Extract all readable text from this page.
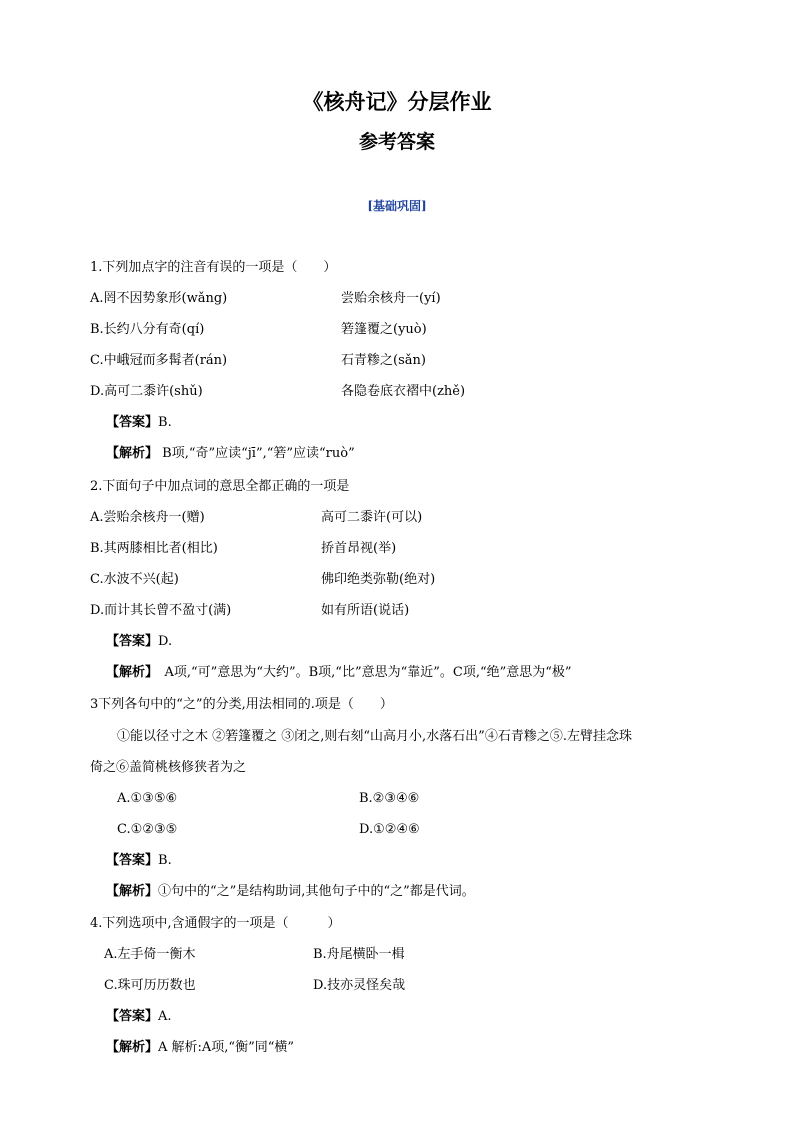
《核舟记》分层作业
参考答案
[基础巩固]
1.下列加点字的注音有误的一项是（　　）
A.罔不因势象形(wǎng)	尝贻余核舟一(yí)
B.长约八分有奇(qí)	箬篷覆之(yuò)
C.中峨冠而多髯者(rán)	石青糁之(sǎn)
D.高可二黍许(shǔ)	各隐卷底衣褶中(zhě)
【答案】B.
【解析】 B项,“奇”应读“jī”,“箬”应读“ruò”
2.下面句子中加点词的意思全都正确的一项是
A.尝贻余核舟一(赠)	高可二黍许(可以)
B.其两膝相比者(相比)	挢首昂视(举)
C.水波不兴(起)	佛印绝类弥勒(绝对)
D.而计其长曾不盈寸(满)	如有所语(说话)
【答案】D.
【解析】　A项,“可”意思为“大约”。B项,“比”意思为“靠近”。C项,“绝”意思为“极”
3下列各句中的“之”的分类,用法相同的.项是（　　）
①能以径寸之木 ②箬篷覆之 ③闭之,则右刻“山高月小,水落石出”④石青糁之⑤.左臂挂念珠
倚之⑥盖简桃核修狭者为之
A.①③⑤⑥	B.②③④⑥
C.①②③⑤	D.①②④⑥
【答案】B.
【解析】①句中的“之”是结构助词,其他句子中的“之”都是代词。
4.下列选项中,含通假字的一项是（　　　）
A.左手倚一衡木	B.舟尾横卧一楫
C.珠可历历数也	D.技亦灵怪矣哉
【答案】A.
【解析】A 解析:A项,“衡”同“横”
